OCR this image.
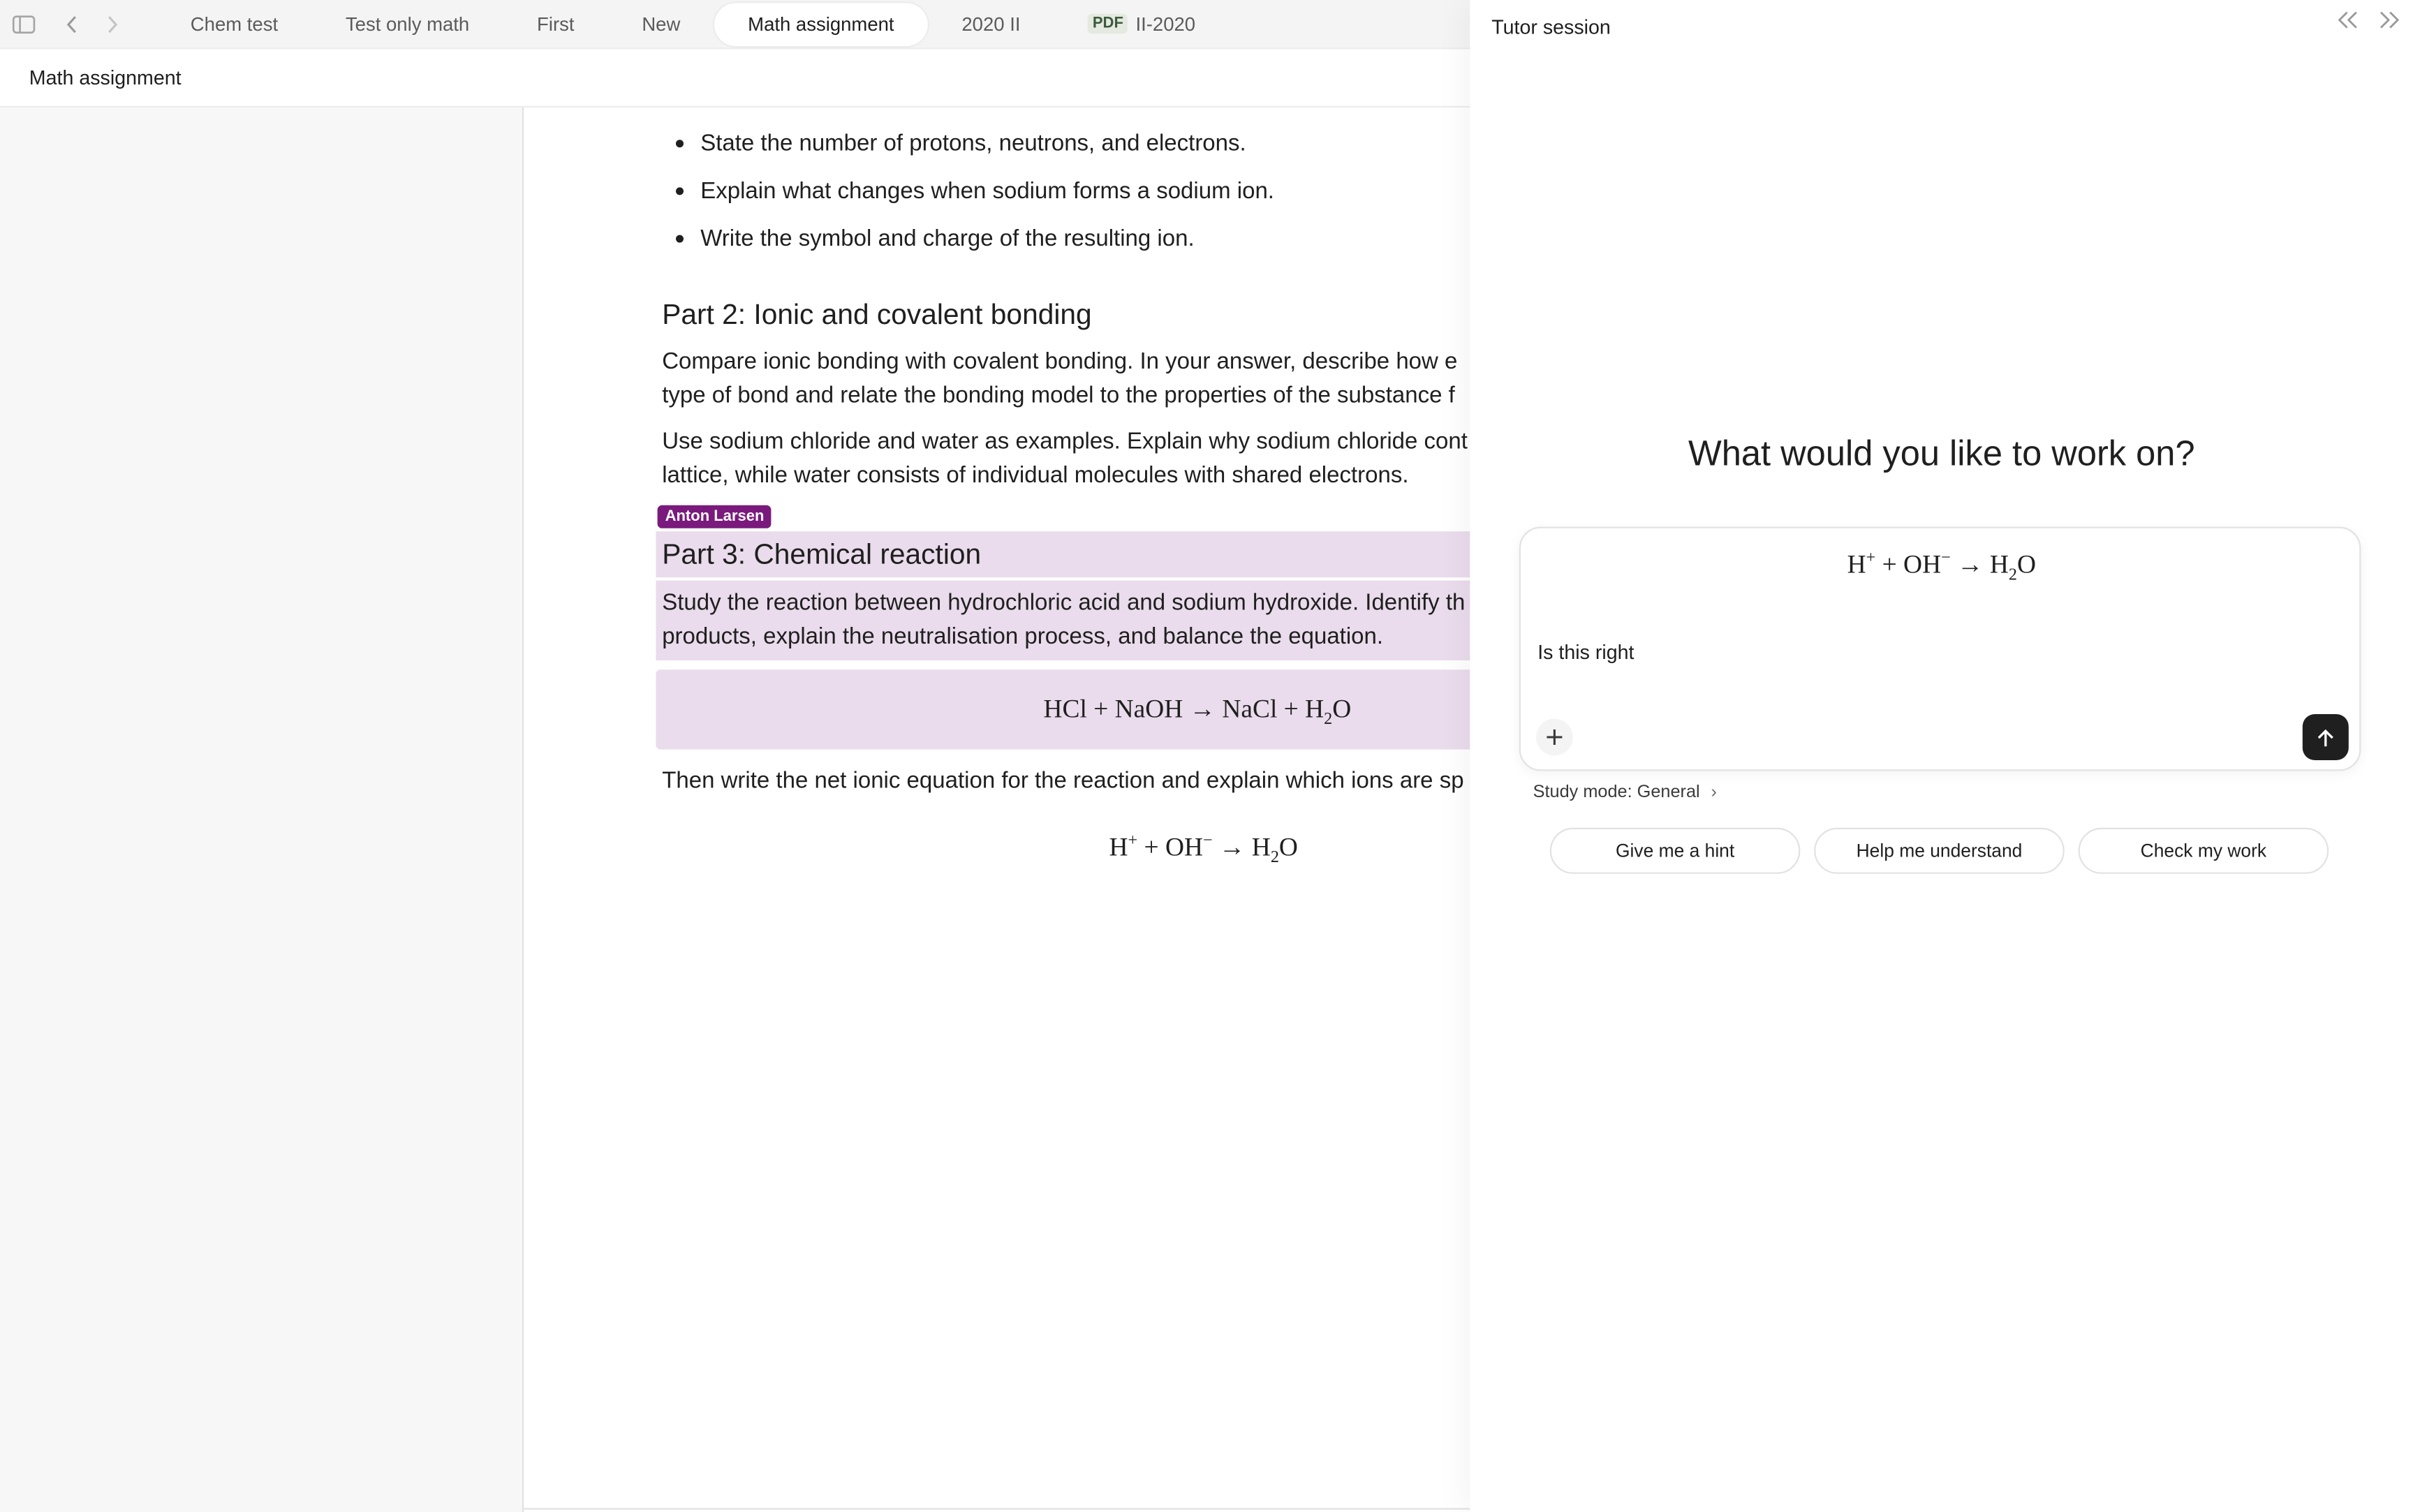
Chem test	Test only math	First	New	Math assignment	2020 II	PDF	II-2020
Math assignment
State the number of protons, neutrons, and electrons.
Explain what changes when sodium forms a sodium ion.
Write the symbol and charge of the resulting ion.
Part 2: Ionic and covalent bonding

Compare ionic bonding with covalent bonding. In your answer, describe how e
type of bond and relate the bonding model to the properties of the substance f

Use sodium chloride and water as examples. Explain why sodium chloride cont
lattice, while water consists of individual molecules with shared electrons.

Anton Larsen
Part 3: Chemical reaction

Study the reaction between hydrochloric acid and sodium hydroxide. Identify th
products, explain the neutralisation process, and balance the equation.

HCl + NaOH → NaCl + $H_2O$

Then write the net ionic equation for the reaction and explain which ions are sp

$H^+ + OH^- \to H_2O$
Tutor session
What would you like to work on?
$H^+ + OH^- \to H_2O$
Is this right
Study mode: General ›
Give me a hint	Help me understand	Check my work
